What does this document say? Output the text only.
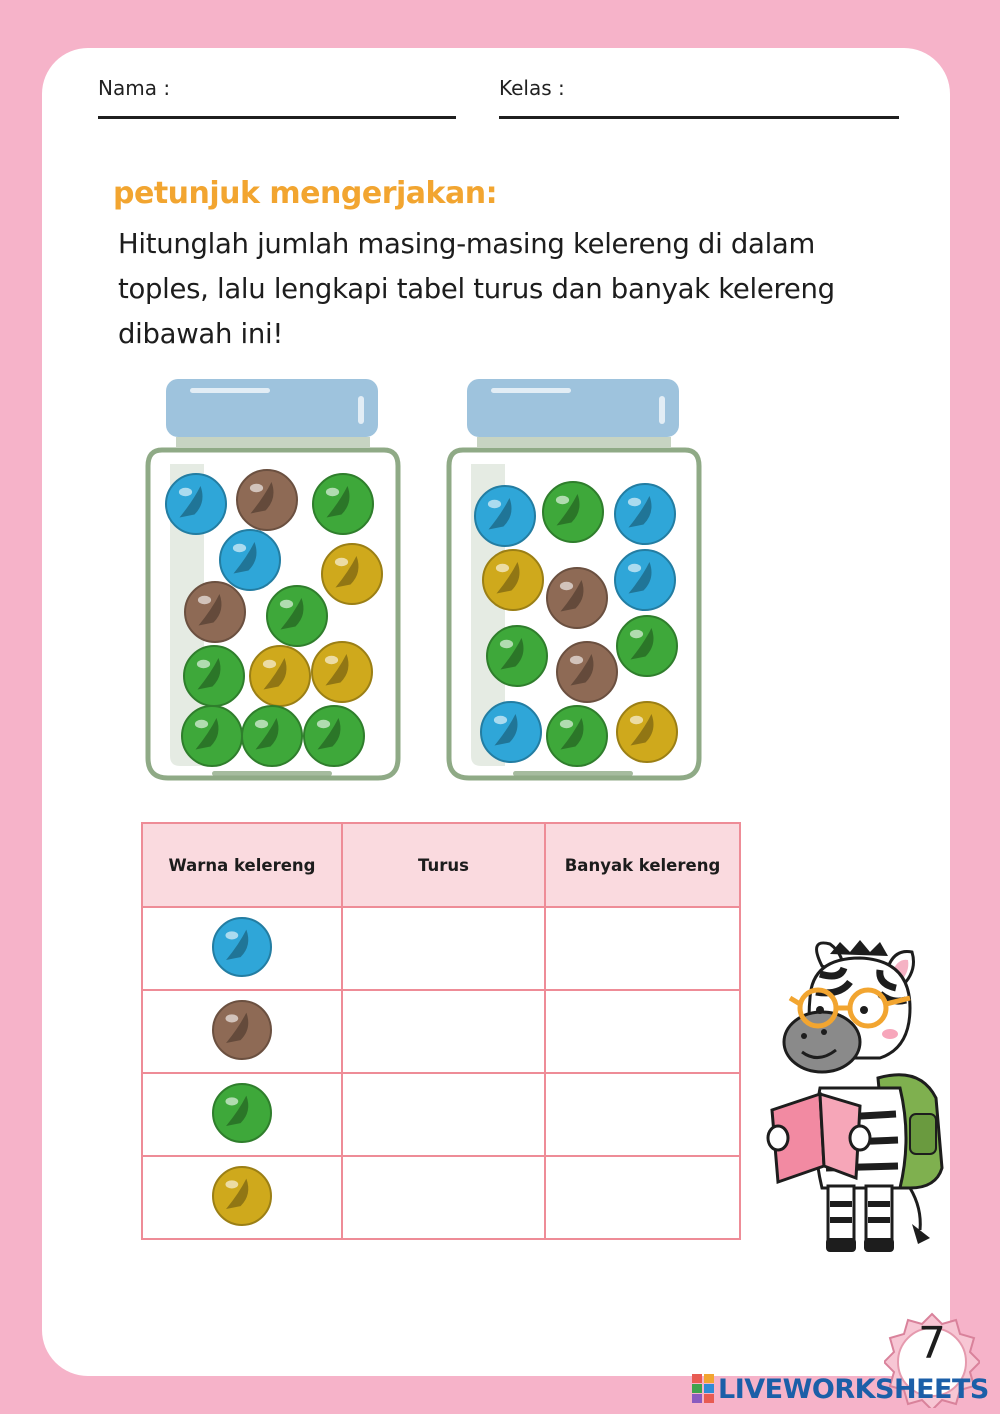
Nama :	Kelas :
petunjuk mengerjakan:
Hitunglah jumlah masing-masing kelereng di dalam toples, lalu lengkapi tabel turus dan banyak kelereng dibawah ini!
Warna kelereng	Turus	Banyak kelereng

7
LIVEWORKSHEETS
